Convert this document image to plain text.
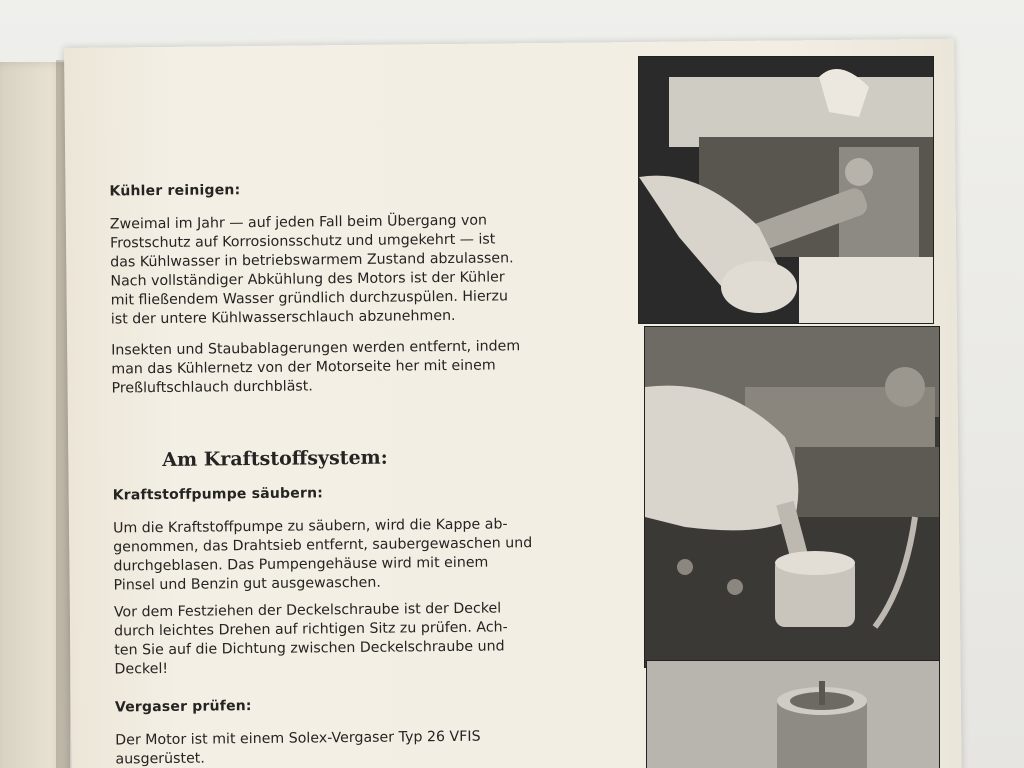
Kühler reinigen:
Zweimal im Jahr — auf jeden Fall beim Übergang von
Frostschutz auf Korrosionsschutz und umgekehrt — ist
das Kühlwasser in betriebswarmem Zustand abzulassen.
Nach vollständiger Abkühlung des Motors ist der Kühler
mit fließendem Wasser gründlich durchzuspülen. Hierzu
ist der untere Kühlwasserschlauch abzunehmen.
Insekten und Staubablagerungen werden entfernt, indem
man das Kühlernetz von der Motorseite her mit einem
Preßluftschlauch durchbläst.
Am Kraftstoffsystem:
Kraftstoffpumpe säubern:
Um die Kraftstoffpumpe zu säubern, wird die Kappe ab-
genommen, das Drahtsieb entfernt, saubergewaschen und
durchgeblasen. Das Pumpengehäuse wird mit einem
Pinsel und Benzin gut ausgewaschen.
Vor dem Festziehen der Deckelschraube ist der Deckel
durch leichtes Drehen auf richtigen Sitz zu prüfen. Ach-
ten Sie auf die Dichtung zwischen Deckelschraube und
Deckel!
Vergaser prüfen:
Der Motor ist mit einem Solex-Vergaser Typ 26 VFIS
ausgerüstet.
